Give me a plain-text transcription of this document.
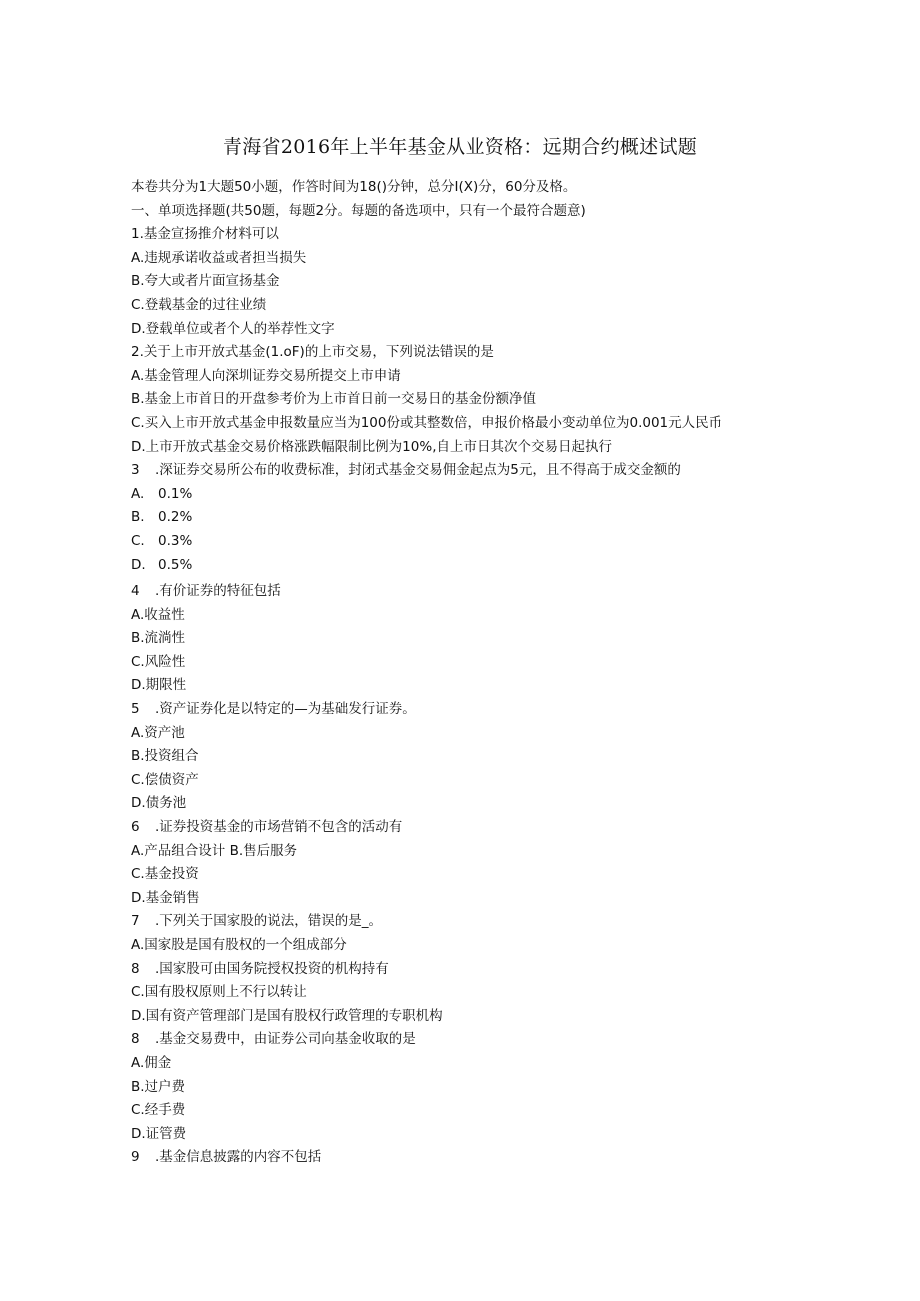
青海省2016年上半年基金从业资格：远期合约概述试题
本卷共分为1大题50小题，作答时间为18()分钟，总分I(X)分，60分及格。
一、单项选择题(共50题，每题2分。每题的备选项中，只有一个最符合题意)
1.基金宣扬推介材料可以
A.违规承诺收益或者担当损失
B.夸大或者片面宣扬基金
C.登载基金的过往业绩
D.登载单位或者个人的举荐性文字
2.关于上市开放式基金(1.oF)的上市交易，下列说法错误的是
A.基金管理人向深圳证券交易所提交上市申请
B.基金上市首日的开盘参考价为上市首日前一交易日的基金份额净值
C.买入上市开放式基金申报数量应当为100份或其整数倍，申报价格最小变动单位为0.001元人民币
D.上市开放式基金交易价格涨跌幅限制比例为10%,自上市日其次个交易日起执行
3 .深证券交易所公布的收费标准，封闭式基金交易佣金起点为5元，且不得高于成交金额的
A. 0.1%
B. 0.2%
C. 0.3%
D. 0.5%
4 .有价证券的特征包括
A.收益性
B.流淌性
C.风险性
D.期限性
5 .资产证券化是以特定的—为基础发行证券。
A.资产池
B.投资组合
C.偿债资产
D.债务池
6 .证券投资基金的市场营销不包含的活动有
A.产品组合设计 B.售后服务
C.基金投资
D.基金销售
7 .下列关于国家股的说法，错误的是_。
A.国家股是国有股权的一个组成部分
8 .国家股可由国务院授权投资的机构持有
C.国有股权原则上不行以转让
D.国有资产管理部门是国有股权行政管理的专职机构
8 .基金交易费中，由证券公司向基金收取的是
A.佣金
B.过户费
C.经手费
D.证管费
9 .基金信息披露的内容不包括
